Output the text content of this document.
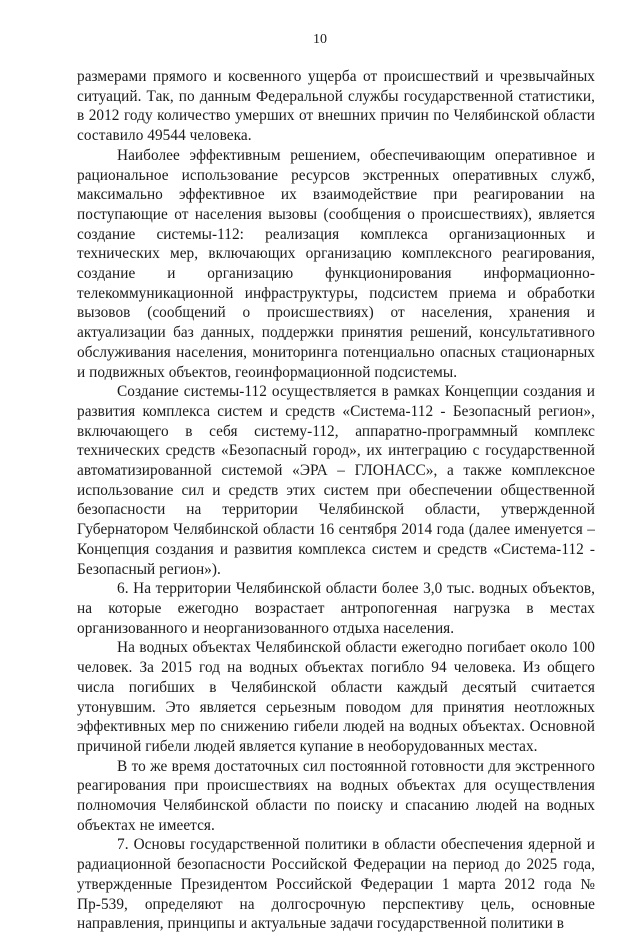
10

размерами прямого и косвенного ущерба от происшествий и чрезвычайных ситуаций. Так, по данным Федеральной службы государственной статистики, в 2012 году количество умерших от внешних причин по Челябинской области составило 49544 человека.

Наиболее эффективным решением, обеспечивающим оперативное и рациональное использование ресурсов экстренных оперативных служб, максимально эффективное их взаимодействие при реагировании на поступающие от населения вызовы (сообщения о происшествиях), является создание системы-112: реализация комплекса организационных и технических мер, включающих организацию комплексного реагирования, создание и организацию функционирования информационно-телекоммуникационной инфраструктуры, подсистем приема и обработки вызовов (сообщений о происшествиях) от населения, хранения и актуализации баз данных, поддержки принятия решений, консультативного обслуживания населения, мониторинга потенциально опасных стационарных и подвижных объектов, геоинформационной подсистемы.

Создание системы-112 осуществляется в рамках Концепции создания и развития комплекса систем и средств «Система-112 - Безопасный регион», включающего в себя систему-112, аппаратно-программный комплекс технических средств «Безопасный город», их интеграцию с государственной автоматизированной системой «ЭРА – ГЛОНАСС», а также комплексное использование сил и средств этих систем при обеспечении общественной безопасности на территории Челябинской области, утвержденной Губернатором Челябинской области 16 сентября 2014 года (далее именуется – Концепция создания и развития комплекса систем и средств «Система-112 - Безопасный регион»).

6. На территории Челябинской области более 3,0 тыс. водных объектов, на которые ежегодно возрастает антропогенная нагрузка в местах организованного и неорганизованного отдыха населения.

На водных объектах Челябинской области ежегодно погибает около 100 человек. За 2015 год на водных объектах погибло 94 человека. Из общего числа погибших в Челябинской области каждый десятый считается утонувшим. Это является серьезным поводом для принятия неотложных эффективных мер по снижению гибели людей на водных объектах. Основной причиной гибели людей является купание в необорудованных местах.

В то же время достаточных сил постоянной готовности для экстренного реагирования при происшествиях на водных объектах для осуществления полномочия Челябинской области по поиску и спасанию людей на водных объектах не имеется.

7. Основы государственной политики в области обеспечения ядерной и радиационной безопасности Российской Федерации на период до 2025 года, утвержденные Президентом Российской Федерации 1 марта 2012 года № Пр-539, определяют на долгосрочную перспективу цель, основные направления, принципы и актуальные задачи государственной политики в
